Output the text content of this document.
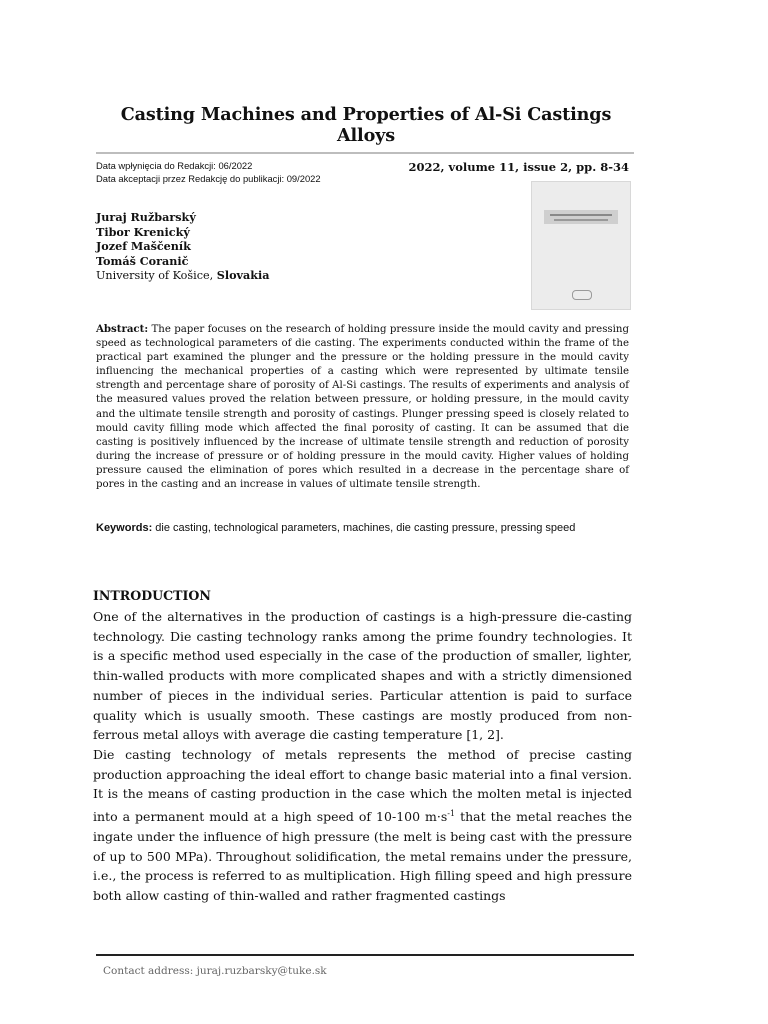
Casting Machines and Properties of Al-Si Castings Alloys
Data wpłynięcia do Redakcji: 06/2022
Data akceptacji przez Redakcję do publikacji: 09/2022
2022, volume 11, issue 2, pp. 8-34
Juraj Ružbarský
Tibor Krenický
Jozef Maščeník
Tomáš Coranič
University of Košice, Slovakia
Abstract: The paper focuses on the research of holding pressure inside the mould cavity and pressing speed as technological parameters of die casting. The experiments conducted within the frame of the practical part examined the plunger and the pressure or the holding pressure in the mould cavity influencing the mechanical properties of a casting which were represented by ultimate tensile strength and percentage share of porosity of Al-Si castings. The results of experiments and analysis of the measured values proved the relation between pressure, or holding pressure, in the mould cavity and the ultimate tensile strength and porosity of castings. Plunger pressing speed is closely related to mould cavity filling mode which affected the final porosity of casting. It can be assumed that die casting is positively influenced by the increase of ultimate tensile strength and reduction of porosity during the increase of pressure or of holding pressure in the mould cavity. Higher values of holding pressure caused the elimination of pores which resulted in a decrease in the percentage share of pores in the casting and an increase in values of ultimate tensile strength.
Keywords: die casting, technological parameters, machines, die casting pressure, pressing speed
INTRODUCTION

One of the alternatives in the production of castings is a high-pressure die-casting technology. Die casting technology ranks among the prime foundry technologies. It is a specific method used especially in the case of the production of smaller, lighter, thin-walled products with more complicated shapes and with a strictly dimensioned number of pieces in the individual series. Particular attention is paid to surface quality which is usually smooth. These castings are mostly produced from non-ferrous metal alloys with average die casting temperature [1, 2].

Die casting technology of metals represents the method of precise casting production approaching the ideal effort to change basic material into a final version. It is the means of casting production in the case which the molten metal is injected into a permanent mould at a high speed of 10-100 $m\cdot s^{-1}$ that the metal reaches the ingate under the influence of high pressure (the melt is being cast with the pressure of up to 500 MPa). Throughout solidification, the metal remains under the pressure, i.e., the process is referred to as multiplication. High filling speed and high pressure both allow casting of thin-walled and rather fragmented castings

Contact address: juraj.ruzbarsky@tuke.sk
